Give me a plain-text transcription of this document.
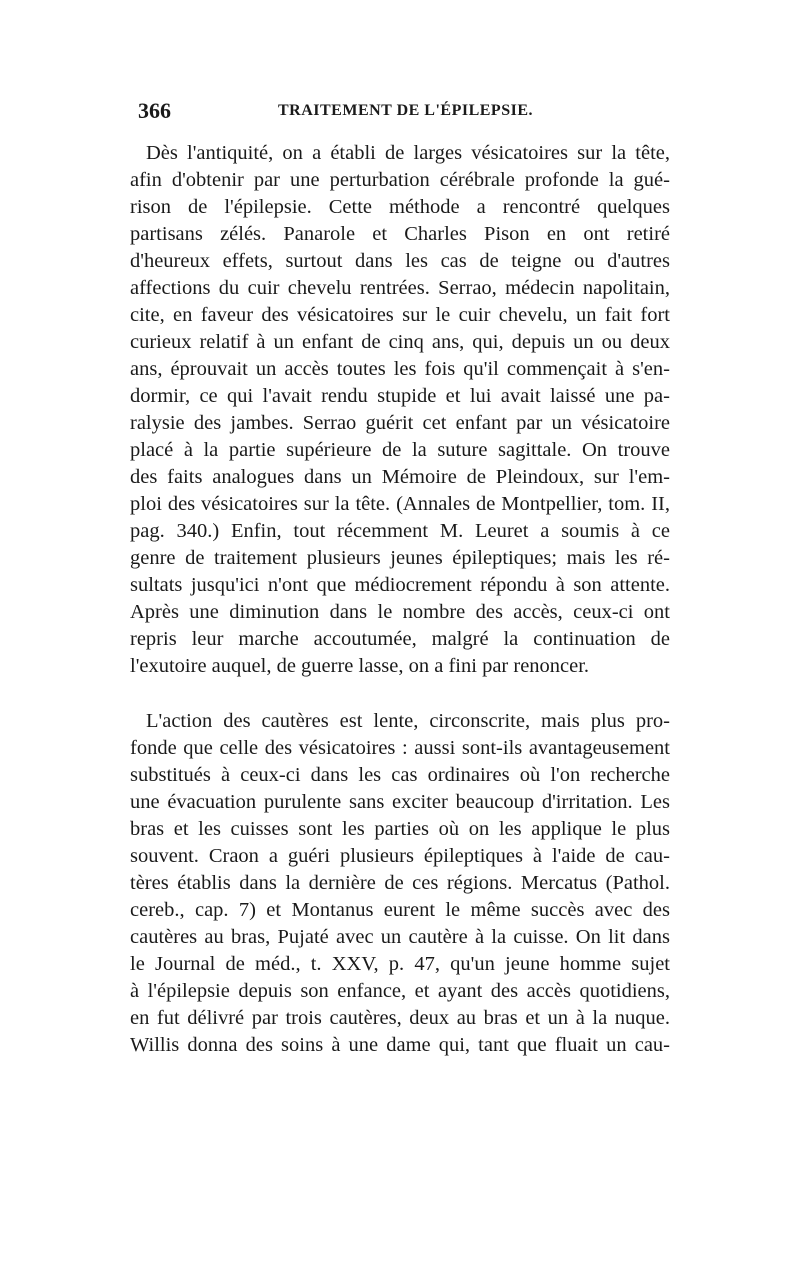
366	TRAITEMENT DE L'ÉPILEPSIE.
Dès l'antiquité, on a établi de larges vésicatoires sur la tête,
afin d'obtenir par une perturbation cérébrale profonde la gué-
rison de l'épilepsie. Cette méthode a rencontré quelques
partisans zélés. Panarole et Charles Pison en ont retiré
d'heureux effets, surtout dans les cas de teigne ou d'autres
affections du cuir chevelu rentrées. Serrao, médecin napolitain,
cite, en faveur des vésicatoires sur le cuir chevelu, un fait fort
curieux relatif à un enfant de cinq ans, qui, depuis un ou deux
ans, éprouvait un accès toutes les fois qu'il commençait à s'en-
dormir, ce qui l'avait rendu stupide et lui avait laissé une pa-
ralysie des jambes. Serrao guérit cet enfant par un vésicatoire
placé à la partie supérieure de la suture sagittale. On trouve
des faits analogues dans un Mémoire de Pleindoux, sur l'em-
ploi des vésicatoires sur la tête. (Annales de Montpellier, tom. II,
pag. 340.) Enfin, tout récemment M. Leuret a soumis à ce
genre de traitement plusieurs jeunes épileptiques; mais les ré-
sultats jusqu'ici n'ont que médiocrement répondu à son attente.
Après une diminution dans le nombre des accès, ceux-ci ont
repris leur marche accoutumée, malgré la continuation de
l'exutoire auquel, de guerre lasse, on a fini par renoncer.
L'action des cautères est lente, circonscrite, mais plus pro-
fonde que celle des vésicatoires : aussi sont-ils avantageusement
substitués à ceux-ci dans les cas ordinaires où l'on recherche
une évacuation purulente sans exciter beaucoup d'irritation. Les
bras et les cuisses sont les parties où on les applique le plus
souvent. Craon a guéri plusieurs épileptiques à l'aide de cau-
tères établis dans la dernière de ces régions. Mercatus (Pathol.
cereb., cap. 7) et Montanus eurent le même succès avec des
cautères au bras, Pujaté avec un cautère à la cuisse. On lit dans
le Journal de méd., t. XXV, p. 47, qu'un jeune homme sujet
à l'épilepsie depuis son enfance, et ayant des accès quotidiens,
en fut délivré par trois cautères, deux au bras et un à la nuque.
Willis donna des soins à une dame qui, tant que fluait un cau-
